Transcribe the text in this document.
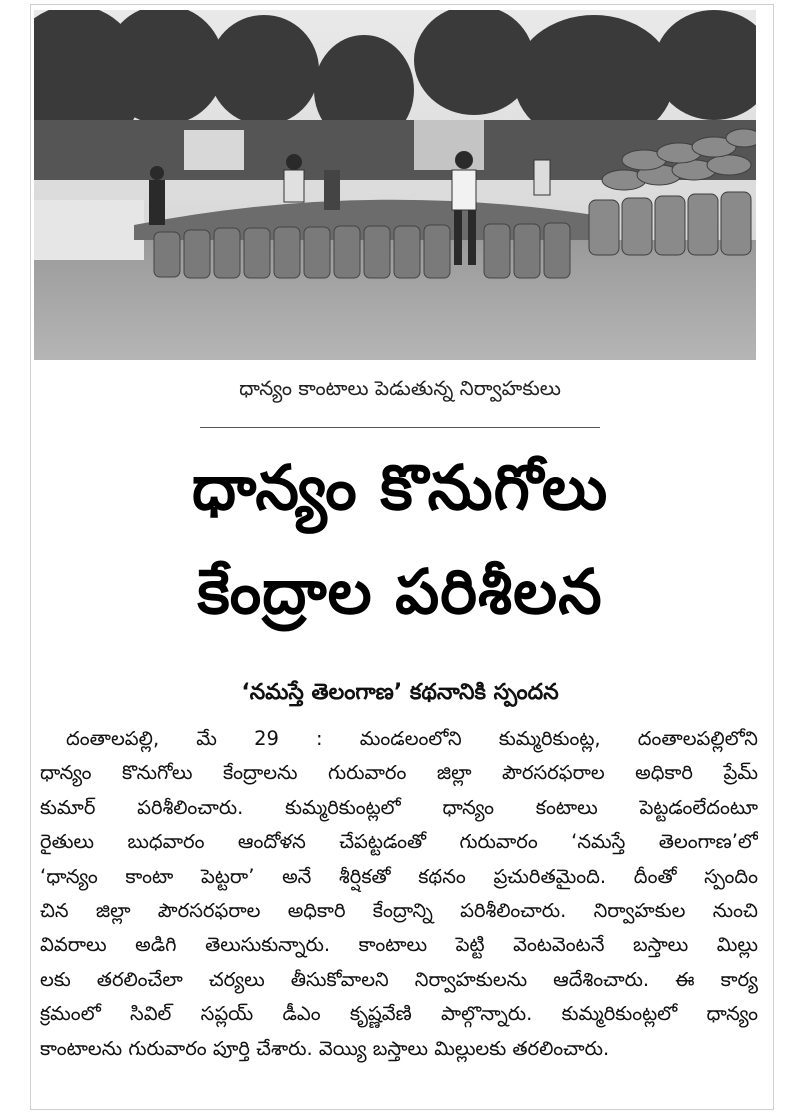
ధాన్యం కాంటాలు పెడుతున్న నిర్వాహకులు
ధాన్యం కొనుగోలు
కేంద్రాల పరిశీలన
‘నమస్తే తెలంగాణ’ కథనానికి స్పందన
దంతాలపల్లి, మే 29 : మండలంలోని కుమ్మరికుంట్ల, దంతాలపల్లిలోని
ధాన్యం కొనుగోలు కేంద్రాలను గురువారం జిల్లా పౌరసరఫరాల అధికారి ప్రేమ్
కుమార్ పరిశీలించారు. కుమ్మరికుంట్లలో ధాన్యం కంటాలు పెట్టడంలేదంటూ
రైతులు బుధవారం ఆందోళన చేపట్టడంతో గురువారం ‘నమస్తే తెలంగాణ’లో
‘ధాన్యం కాంటా పెట్టరా’ అనే శీర్షికతో కథనం ప్రచురితమైంది. దీంతో స్పందిం
చిన జిల్లా పౌరసరఫరాల అధికారి కేంద్రాన్ని పరిశీలించారు. నిర్వాహకుల నుంచి
వివరాలు అడిగి తెలుసుకున్నారు. కాంటాలు పెట్టి వెంటవెంటనే బస్తాలు మిల్లు
లకు తరలించేలా చర్యలు తీసుకోవాలని నిర్వాహకులను ఆదేశించారు. ఈ కార్య
క్రమంలో సివిల్ సప్లయ్ డీఎం కృష్ణవేణి పాల్గొన్నారు. కుమ్మరికుంట్లలో ధాన్యం
కాంటాలను గురువారం పూర్తి చేశారు. వెయ్యి బస్తాలు మిల్లులకు తరలించారు.
